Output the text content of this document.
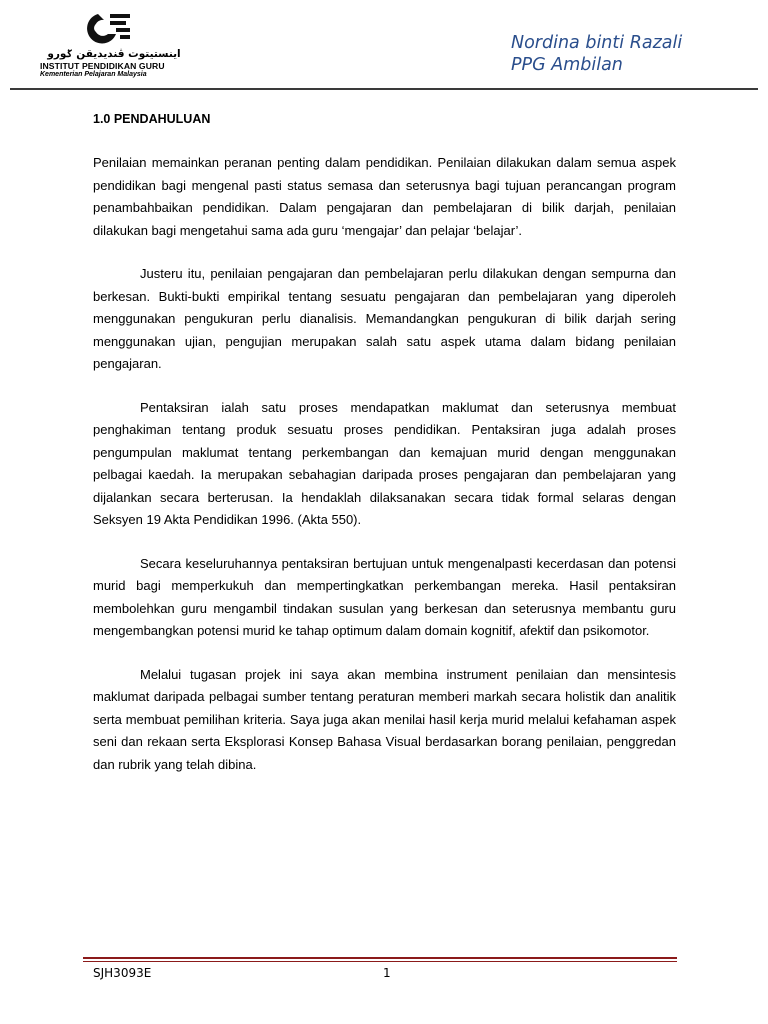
اينستيتوت ڤنديديقن ݢورو
INSTITUT PENDIDIKAN GURU
Kementerian Pelajaran Malaysia
Nordina binti Razali
PPG Ambilan
1.0 PENDAHULUAN

Penilaian memainkan peranan penting dalam pendidikan. Penilaian dilakukan dalam semua aspek pendidikan bagi mengenal pasti status semasa dan seterusnya bagi tujuan perancangan program penambahbaikan pendidikan. Dalam pengajaran dan pembelajaran di bilik darjah, penilaian dilakukan bagi mengetahui sama ada guru ‘mengajar’ dan pelajar ‘belajar’.

Justeru itu, penilaian pengajaran dan pembelajaran perlu dilakukan dengan sempurna dan berkesan. Bukti-bukti empirikal tentang sesuatu pengajaran dan pembelajaran yang diperoleh menggunakan pengukuran perlu dianalisis. Memandangkan pengukuran di bilik darjah sering menggunakan ujian, pengujian merupakan salah satu aspek utama dalam bidang penilaian pengajaran.

Pentaksiran ialah satu proses mendapatkan maklumat dan seterusnya membuat penghakiman tentang produk sesuatu proses pendidikan. Pentaksiran juga adalah proses pengumpulan maklumat tentang perkembangan dan kemajuan murid dengan menggunakan pelbagai kaedah. Ia merupakan sebahagian daripada proses pengajaran dan pembelajaran yang dijalankan secara berterusan. Ia hendaklah dilaksanakan secara tidak formal selaras dengan Seksyen 19 Akta Pendidikan 1996. (Akta 550).

Secara keseluruhannya pentaksiran bertujuan untuk mengenalpasti kecerdasan dan potensi murid bagi memperkukuh dan mempertingkatkan perkembangan mereka. Hasil pentaksiran membolehkan guru mengambil tindakan susulan yang berkesan dan seterusnya membantu guru mengembangkan potensi murid ke tahap optimum dalam domain kognitif, afektif dan psikomotor.

Melalui tugasan projek ini saya akan membina instrument penilaian dan mensintesis maklumat daripada pelbagai sumber tentang peraturan memberi markah secara holistik dan analitik serta membuat pemilihan kriteria. Saya juga akan menilai hasil kerja murid melalui kefahaman aspek seni dan rekaan serta Eksplorasi Konsep Bahasa Visual berdasarkan borang penilaian, penggredan dan rubrik yang telah dibina.

SJH3093E	1
